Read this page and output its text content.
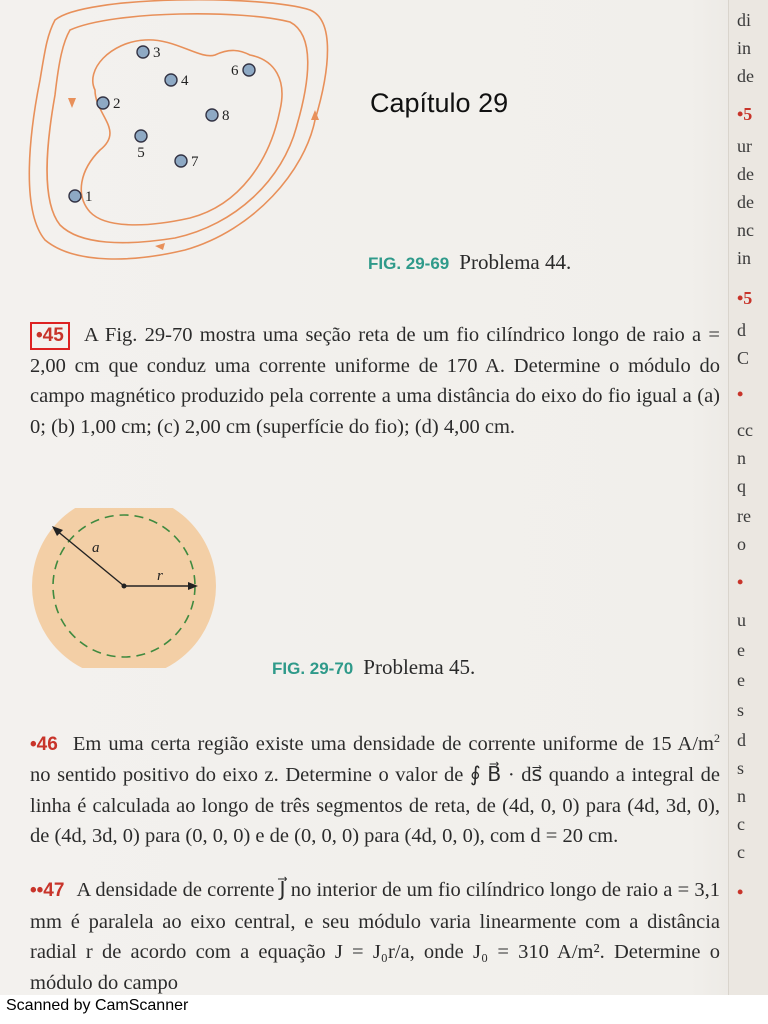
di
in
de
•5
ur
de
de
nc
in
•5
d
C
•
cc
n
q
re
o
•
u
e
e
s
d
s
n
c
c
•
1
2
3
4
5
6
7
8	Capítulo 29
FIG. 29-69 Problema 44.
•45 A Fig. 29-70 mostra uma seção reta de um fio cilíndrico longo de raio a = 2,00 cm que conduz uma corrente uniforme de 170 A. Determine o módulo do campo magnético produzido pela corrente a uma distância do eixo do fio igual a (a) 0; (b) 1,00 cm; (c) 2,00 cm (superfície do fio); (d) 4,00 cm.
a
r
FIG. 29-70 Problema 45.
•46 Em uma certa região existe uma densidade de corrente uniforme de 15 $A/m^2$ no sentido positivo do eixo z. Determine o valor de ∮ B⃗ · ds⃗ quando a integral de linha é calculada ao longo de três segmentos de reta, de (4d, 0, 0) para (4d, 3d, 0), de (4d, 3d, 0) para (0, 0, 0) e de (0, 0, 0) para (4d, 0, 0), com d = 20 cm.
••47 A densidade de corrente J⃗ no interior de um fio cilíndrico longo de raio a = 3,1 mm é paralela ao eixo central, e seu módulo varia linearmente com a distância radial r de acordo com a equação J = J₀r/a, onde J₀ = 310 A/m². Determine o módulo do campo
Scanned by CamScanner
